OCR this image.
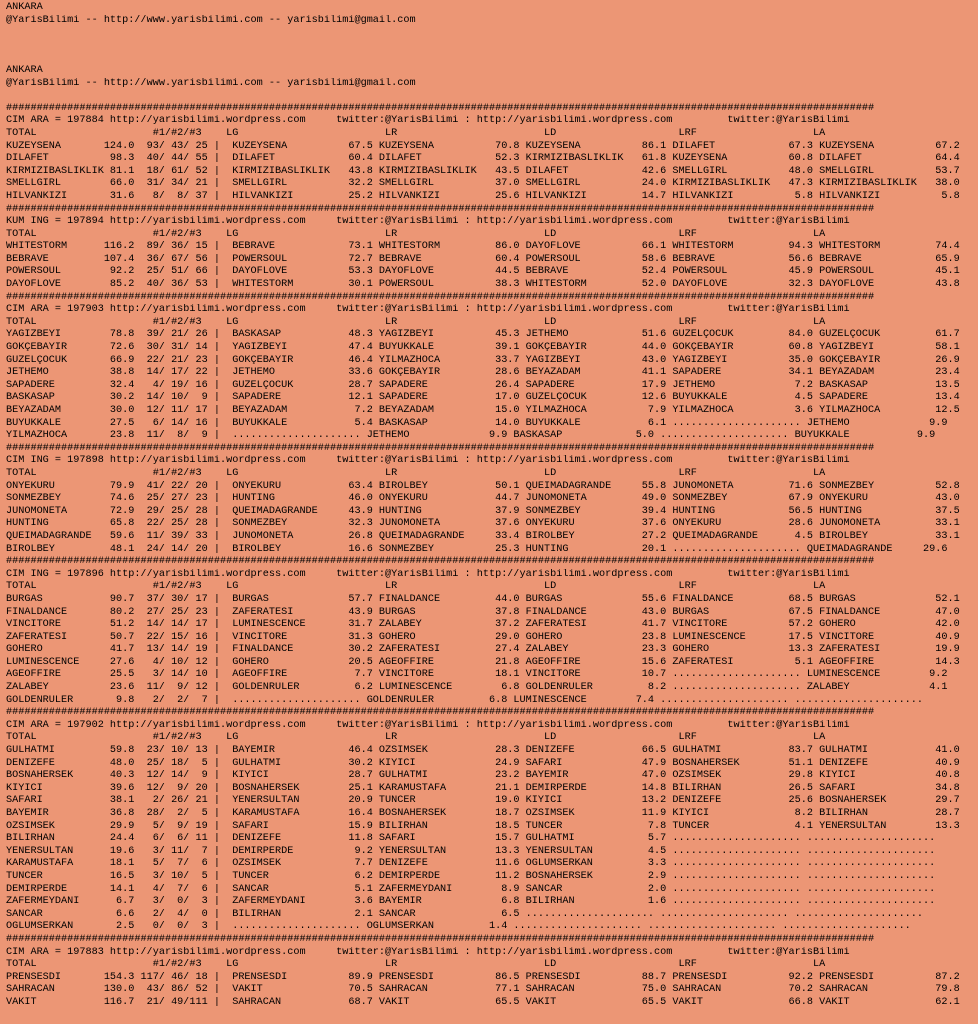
ANKARA
@YarisBilimi -- http://www.yarisbilimi.com -- yarisbilimi@gmail.com
ANKARA
@YarisBilimi -- http://www.yarisbilimi.com -- yarisbilimi@gmail.com
##############################################################################################################################################
CIM ARA = 197884 http://yarisbilimi.wordpress.com     twitter:@YarisBilimi : http://yarisbilimi.wordpress.com         twitter:@YarisBilimi
TOTAL                   #1/#2/#3    LG                        LR                        LD                    LRF                   LA
KUZEYSENA       124.0  93/ 43/ 25 |  KUZEYSENA          67.5 KUZEYSENA          70.8 KUZEYSENA          86.1 DILAFET            67.3 KUZEYSENA          67.2
DILAFET          98.3  40/ 44/ 55 |  DILAFET            60.4 DILAFET            52.3 KIRMIZIBASLIKLIK   61.8 KUZEYSENA          60.8 DILAFET            64.4
KIRMIZIBASLIKLIK 81.1  18/ 61/ 52 |  KIRMIZIBASLIKLIK   43.8 KIRMIZIBASLIKLIK   43.5 DILAFET            42.6 SMELLGIRL          48.0 SMELLGIRL          53.7
SMELLGIRL        66.0  31/ 34/ 21 |  SMELLGIRL          32.2 SMELLGIRL          37.0 SMELLGIRL          24.0 KIRMIZIBASLIKLIK   47.3 KIRMIZIBASLIKLIK   38.0
HILVANKIZI       31.6   8/  8/ 37 |  HILVANKIZI         25.2 HILVANKIZI         25.6 HILVANKIZI         14.7 HILVANKIZI          5.8 HILVANKIZI          5.8
##############################################################################################################################################
KUM ING = 197894 http://yarisbilimi.wordpress.com     twitter:@YarisBilimi : http://yarisbilimi.wordpress.com         twitter:@YarisBilimi
TOTAL                   #1/#2/#3    LG                        LR                        LD                    LRF                   LA
WHITESTORM      116.2  89/ 36/ 15 |  BEBRAVE            73.1 WHITESTORM         86.0 DAYOFLOVE          66.1 WHITESTORM         94.3 WHITESTORM         74.4
BEBRAVE         107.4  36/ 67/ 56 |  POWERSOUL          72.7 BEBRAVE            60.4 POWERSOUL          58.6 BEBRAVE            56.6 BEBRAVE            65.9
POWERSOUL        92.2  25/ 51/ 66 |  DAYOFLOVE          53.3 DAYOFLOVE          44.5 BEBRAVE            52.4 POWERSOUL          45.9 POWERSOUL          45.1
DAYOFLOVE        85.2  40/ 36/ 53 |  WHITESTORM         30.1 POWERSOUL          38.3 WHITESTORM         52.0 DAYOFLOVE          32.3 DAYOFLOVE          43.8
##############################################################################################################################################
CIM ARA = 197903 http://yarisbilimi.wordpress.com     twitter:@YarisBilimi : http://yarisbilimi.wordpress.com         twitter:@YarisBilimi
TOTAL                   #1/#2/#3    LG                        LR                        LD                    LRF                   LA
YAGIZBEYI        78.8  39/ 21/ 26 |  BASKASAP           48.3 YAGIZBEYI          45.3 JETHEMO            51.6 GÜZELÇOCUK         84.0 GÜZELÇOCUK         61.7
GÖKÇEBAYIR       72.6  30/ 31/ 14 |  YAGIZBEYI          47.4 BÜYÜKKALE          39.1 GÖKÇEBAYIR         44.0 GÖKÇEBAYIR         60.8 YAGIZBEYI          58.1
GÜZELÇOCUK       66.9  22/ 21/ 23 |  GÖKÇEBAYIR         46.4 YILMAZHOCA         33.7 YAGIZBEYI          43.0 YAGIZBEYI          35.0 GÖKÇEBAYIR         26.9
JETHEMO          38.8  14/ 17/ 22 |  JETHEMO            33.6 GÖKÇEBAYIR         28.6 BEYAZADAM          41.1 SAPADERE           34.1 BEYAZADAM          23.4
SAPADERE         32.4   4/ 19/ 16 |  GÜZELÇOCUK         28.7 SAPADERE           26.4 SAPADERE           17.9 JETHEMO             7.2 BASKASAP           13.5
BASKASAP         30.2  14/ 10/  9 |  SAPADERE           12.1 SAPADERE           17.0 GÜZELÇOCUK         12.6 BÜYÜKKALE           4.5 SAPADERE           13.4
BEYAZADAM        30.0  12/ 11/ 17 |  BEYAZADAM           7.2 BEYAZADAM          15.0 YILMAZHOCA          7.9 YILMAZHOCA          3.6 YILMAZHOCA         12.5
BÜYÜKKALE        27.5   6/ 14/ 16 |  BÜYÜKKALE           5.4 BASKASAP           14.0 BÜYÜKKALE           6.1 ..................... JETHEMO             9.9
YILMAZHOCA       23.8  11/  8/  9 |  ..................... JETHEMO             9.9 BASKASAP            5.0 ..................... BÜYÜKKALE           9.9
##############################################################################################################################################
CIM ING = 197898 http://yarisbilimi.wordpress.com     twitter:@YarisBilimi : http://yarisbilimi.wordpress.com         twitter:@YarisBilimi
TOTAL                   #1/#2/#3    LG                        LR                        LD                    LRF                   LA
ONYEKURU         79.9  41/ 22/ 20 |  ONYEKURU           63.4 BIROLBEY           50.1 QUEIMADAGRANDE     55.8 JUNOMONETA         71.6 SÖNMEZBEY          52.8
SÖNMEZBEY        74.6  25/ 27/ 23 |  HUNTING            46.0 ONYEKURU           44.7 JUNOMONETA         49.0 SÖNMEZBEY          67.9 ONYEKURU           43.0
JUNOMONETA       72.9  29/ 25/ 28 |  QUEIMADAGRANDE     43.9 HUNTING            37.9 SÖNMEZBEY          39.4 HUNTING            56.5 HUNTING            37.5
HUNTING          65.8  22/ 25/ 28 |  SÖNMEZBEY          32.3 JUNOMONETA         37.6 ONYEKURU           37.6 ONYEKURU           28.6 JUNOMONETA         33.1
QUEIMADAGRANDE   59.6  11/ 39/ 33 |  JUNOMONETA         26.8 QUEIMADAGRANDE     33.4 BIROLBEY           27.2 QUEIMADAGRANDE      4.5 BIROLBEY           33.1
BIROLBEY         48.1  24/ 14/ 20 |  BIROLBEY           16.6 SÖNMEZBEY          25.3 HUNTING            20.1 ..................... QUEIMADAGRANDE     29.6
##############################################################################################################################################
CIM ING = 197896 http://yarisbilimi.wordpress.com     twitter:@YarisBilimi : http://yarisbilimi.wordpress.com         twitter:@YarisBilimi
TOTAL                   #1/#2/#3    LG                        LR                        LD                    LRF                   LA
BURGAS           90.7  37/ 30/ 17 |  BURGAS             57.7 FINALDANCE         44.0 BURGAS             55.6 FINALDANCE         68.5 BURGAS             52.1
FINALDANCE       80.2  27/ 25/ 23 |  ZAFERATESI         43.9 BURGAS             37.8 FINALDANCE         43.0 BURGAS             67.5 FINALDANCE         47.0
VINCITORE        51.2  14/ 14/ 17 |  LUMINESCENCE       31.7 ZALABEY            37.2 ZAFERATESI         41.7 VINCITORE          57.2 GOHERO             42.0
ZAFERATESI       50.7  22/ 15/ 16 |  VINCITORE          31.3 GOHERO             29.0 GOHERO             23.8 LUMINESCENCE       17.5 VINCITORE          40.9
GOHERO           41.7  13/ 14/ 19 |  FINALDANCE         30.2 ZAFERATESI         27.4 ZALABEY            23.3 GOHERO             13.3 ZAFERATESI         19.9
LUMINESCENCE     27.6   4/ 10/ 12 |  GOHERO             20.5 AGEOFFIRE          21.8 AGEOFFIRE          15.6 ZAFERATESI          5.1 AGEOFFIRE          14.3
AGEOFFIRE        25.5   3/ 14/ 10 |  AGEOFFIRE           7.7 VINCITORE          18.1 VINCITORE          10.7 ..................... LUMINESCENCE        9.2
ZALABEY          23.6  11/  9/ 12 |  GOLDENRULER         6.2 LUMINESCENCE        6.8 GOLDENRULER         8.2 ..................... ZALABEY             4.1
GOLDENRULER       9.8   2/  2/  7 |  ..................... GOLDENRULER         6.8 LUMINESCENCE        7.4 ..................... .....................
##############################################################################################################################################
CIM ARA = 197902 http://yarisbilimi.wordpress.com     twitter:@YarisBilimi : http://yarisbilimi.wordpress.com         twitter:@YarisBilimi
TOTAL                   #1/#2/#3    LG                        LR                        LD                    LRF                   LA
GÜLHATMI         59.8  23/ 10/ 13 |  BAYEMIR            46.4 ÖZSIMSEK           28.3 DENIZEFE           66.5 GÜLHATMI           83.7 GÜLHATMI           41.0
DENIZEFE         48.0  25/ 18/  5 |  GÜLHATMI           30.2 KIYICI             24.9 SAFARI             47.9 BOSNAHERSEK        51.1 DENIZEFE           40.9
BOSNAHERSEK      40.3  12/ 14/  9 |  KIYICI             28.7 GÜLHATMI           23.2 BAYEMIR            47.0 ÖZSIMSEK           29.8 KIYICI             40.8
KIYICI           39.6  12/  9/ 20 |  BOSNAHERSEK        25.1 KARAMUSTAFA        21.1 DEMIRPERDE         14.8 BILIRHAN           26.5 SAFARI             34.8
SAFARI           38.1   2/ 26/ 21 |  YENERSULTAN        20.9 TUNCER             19.0 KIYICI             13.2 DENIZEFE           25.6 BOSNAHERSEK        29.7
BAYEMIR          36.8  28/  2/  5 |  KARAMUSTAFA        16.4 BOSNAHERSEK        18.7 ÖZSIMSEK           11.9 KIYICI              8.2 BILIRHAN           28.7
ÖZSIMSEK         29.9   5/  9/ 19 |  SAFARI             15.9 BILIRHAN           18.5 TUNCER              7.8 TUNCER              4.1 YENERSULTAN        13.3
BILIRHAN         24.4   6/  6/ 11 |  DENIZEFE           11.8 SAFARI             15.7 GÜLHATMI            5.7 ..................... .....................
YENERSULTAN      19.6   3/ 11/  7 |  DEMIRPERDE          9.2 YENERSULTAN        13.3 YENERSULTAN         4.5 ..................... .....................
KARAMUSTAFA      18.1   5/  7/  6 |  ÖZSIMSEK            7.7 DENIZEFE           11.6 OGLUMSERKAN         3.3 ..................... .....................
TUNCER           16.5   3/ 10/  5 |  TUNCER              6.2 DEMIRPERDE         11.2 BOSNAHERSEK         2.9 ..................... .....................
DEMIRPERDE       14.1   4/  7/  6 |  SANCAR              5.1 ZAFERMEYDANI        8.9 SANCAR              2.0 ..................... .....................
ZAFERMEYDANI      6.7   3/  0/  3 |  ZAFERMEYDANI        3.6 BAYEMIR             6.8 BILIRHAN            1.6 ..................... .....................
SANCAR            6.6   2/  4/  0 |  BILIRHAN            2.1 SANCAR              6.5 ..................... ..................... .....................
OGLUMSERKAN       2.5   0/  0/  3 |  ..................... OGLUMSERKAN         1.4 ..................... ..................... .....................
##############################################################################################################################################
CIM ARA = 197883 http://yarisbilimi.wordpress.com     twitter:@YarisBilimi : http://yarisbilimi.wordpress.com         twitter:@YarisBilimi
TOTAL                   #1/#2/#3    LG                        LR                        LD                    LRF                   LA
PRENSESDI       154.3 117/ 46/ 18 |  PRENSESDI          89.9 PRENSESDI          86.5 PRENSESDI          88.7 PRENSESDI          92.2 PRENSESDI          87.2
SAHRACAN        130.0  43/ 86/ 52 |  VAKIT              70.5 SAHRACAN           77.1 SAHRACAN           75.0 SAHRACAN           70.2 SAHRACAN           79.8
VAKIT           116.7  21/ 49/111 |  SAHRACAN           68.7 VAKIT              65.5 VAKIT              65.5 VAKIT              66.8 VAKIT              62.1
